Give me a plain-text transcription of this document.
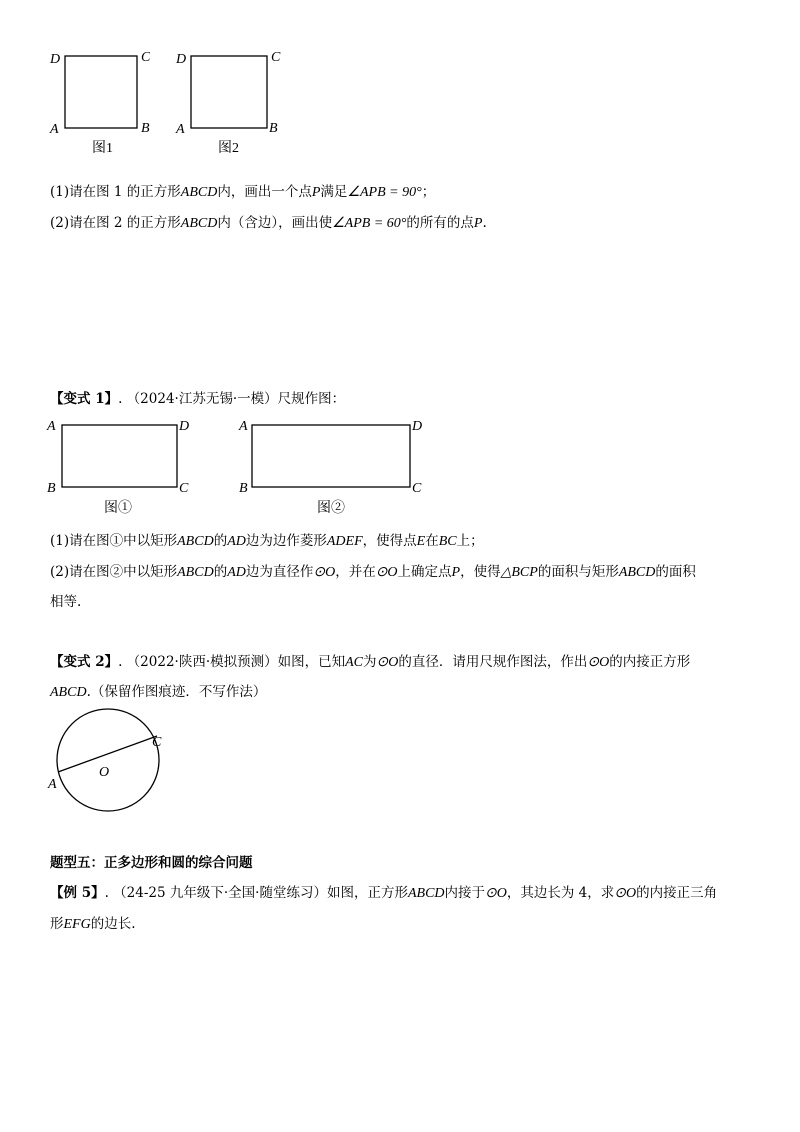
D	C
A	B
图1
D	C
A	B
图2
(1)请在图 1 的正方形ABCD内，画出一个点P满足∠APB = 90°；
(2)请在图 2 的正方形ABCD内（含边），画出使∠APB = 60°的所有的点P.
【变式 1】. （2024·江苏无锡·一模）尺规作图：
A	D
B	C
图①
A	D
B	C
图②
(1)请在图①中以矩形ABCD的AD边为边作菱形ADEF，使得点E在BC上；
(2)请在图②中以矩形ABCD的AD边为直径作⊙O，并在⊙O上确定点P，使得△BCP的面积与矩形ABCD的面积
相等.
【变式 2】. （2022·陕西·模拟预测）如图，已知AC为⊙O的直径．请用尺规作图法，作出⊙O的内接正方形
ABCD.（保留作图痕迹．不写作法）
C
O
A
题型五：正多边形和圆的综合问题
【例 5】. （24-25 九年级下·全国·随堂练习）如图，正方形ABCD内接于⊙O，其边长为 4，求⊙O的内接正三角
形EFG的边长.
